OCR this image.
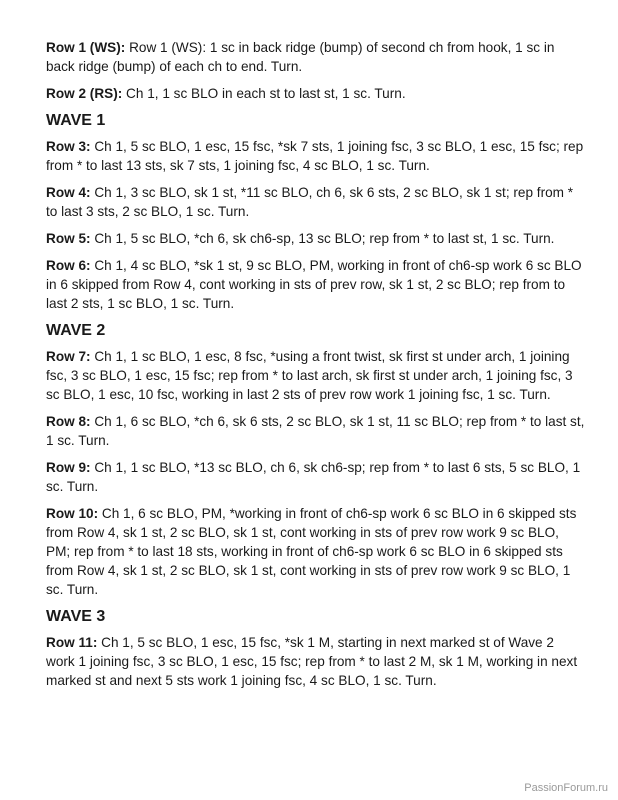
Row 1 (WS): Row 1 (WS): 1 sc in back ridge (bump) of second ch from hook, 1 sc in back ridge (bump) of each ch to end. Turn.

Row 2 (RS): Ch 1, 1 sc BLO in each st to last st, 1 sc. Turn.

WAVE 1

Row 3: Ch 1, 5 sc BLO, 1 esc, 15 fsc, *sk 7 sts, 1 joining fsc, 3 sc BLO, 1 esc, 15 fsc; rep from * to last 13 sts, sk 7 sts, 1 joining fsc, 4 sc BLO, 1 sc. Turn.

Row 4: Ch 1, 3 sc BLO, sk 1 st, *11 sc BLO, ch 6, sk 6 sts, 2 sc BLO, sk 1 st; rep from * to last 3 sts, 2 sc BLO, 1 sc. Turn.

Row 5: Ch 1, 5 sc BLO, *ch 6, sk ch6-sp, 13 sc BLO; rep from * to last st, 1 sc. Turn.

Row 6: Ch 1, 4 sc BLO, *sk 1 st, 9 sc BLO, PM, working in front of ch6-sp work 6 sc BLO in 6 skipped from Row 4, cont working in sts of prev row, sk 1 st, 2 sc BLO; rep from to last 2 sts, 1 sc BLO, 1 sc. Turn.

WAVE 2

Row 7: Ch 1, 1 sc BLO, 1 esc, 8 fsc, *using a front twist, sk first st under arch, 1 joining fsc, 3 sc BLO, 1 esc, 15 fsc; rep from * to last arch, sk first st under arch, 1 joining fsc, 3 sc BLO, 1 esc, 10 fsc, working in last 2 sts of prev row work 1 joining fsc, 1 sc. Turn.

Row 8: Ch 1, 6 sc BLO, *ch 6, sk 6 sts, 2 sc BLO, sk 1 st, 11 sc BLO; rep from * to last st, 1 sc. Turn.

Row 9: Ch 1, 1 sc BLO, *13 sc BLO, ch 6, sk ch6-sp; rep from * to last 6 sts, 5 sc BLO, 1 sc. Turn.

Row 10: Ch 1, 6 sc BLO, PM, *working in front of ch6-sp work 6 sc BLO in 6 skipped sts from Row 4, sk 1 st, 2 sc BLO, sk 1 st, cont working in sts of prev row work 9 sc BLO, PM; rep from * to last 18 sts, working in front of ch6-sp work 6 sc BLO in 6 skipped sts from Row 4, sk 1 st, 2 sc BLO, sk 1 st, cont working in sts of prev row work 9 sc BLO, 1 sc. Turn.

WAVE 3

Row 11: Ch 1, 5 sc BLO, 1 esc, 15 fsc, *sk 1 M, starting in next marked st of Wave 2 work 1 joining fsc, 3 sc BLO, 1 esc, 15 fsc; rep from * to last 2 M, sk 1 M, working in next marked st and next 5 sts work 1 joining fsc, 4 sc BLO, 1 sc. Turn.

PassionForum.ru
